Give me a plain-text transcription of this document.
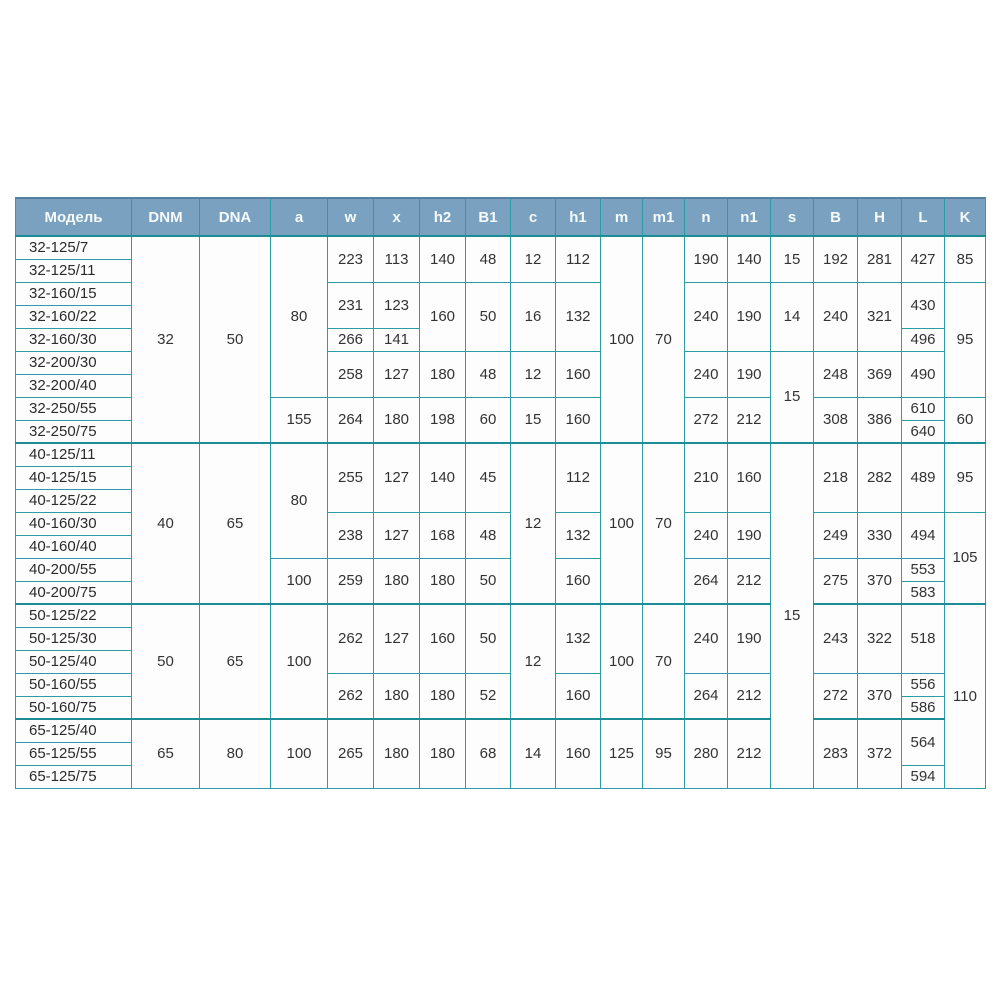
Модель	DNM	DNA	a	w	x	h2	B1	c	h1	m	m1	n	n1	s	B	H	L	K
32-125/7	32	50	80	223	113	140	48	12	112	100	70	190	140	15	192	281	427	85
32-125/11																		
32-160/15				231	123	160	50	16	132			240	190	14	240	321	430	95
32-160/22																		
32-160/30				266	141												496	
32-200/30				258	127	180	48	12	160			240	190	15	248	369	490	
32-200/40																		
32-250/55			155	264	180	198	60	15	160			272	212		308	386	610	60
32-250/75																	640	
40-125/11	40	65	80	255	127	140	45	12	112	100	70	210	160	15	218	282	489	95
40-125/15																		
40-125/22																		
40-160/30				238	127	168	48		132			240	190		249	330	494	105
40-160/40																		
40-200/55			100	259	180	180	50		160			264	212		275	370	553	
40-200/75																	583	
50-125/22	50	65	100	262	127	160	50	12	132	100	70	240	190		243	322	518	110
50-125/30																		
50-125/40																		
50-160/55				262	180	180	52		160			264	212		272	370	556	
50-160/75																	586	
65-125/40	65	80	100	265	180	180	68	14	160	125	95	280	212		283	372	564	
65-125/55																		
65-125/75																	594	
